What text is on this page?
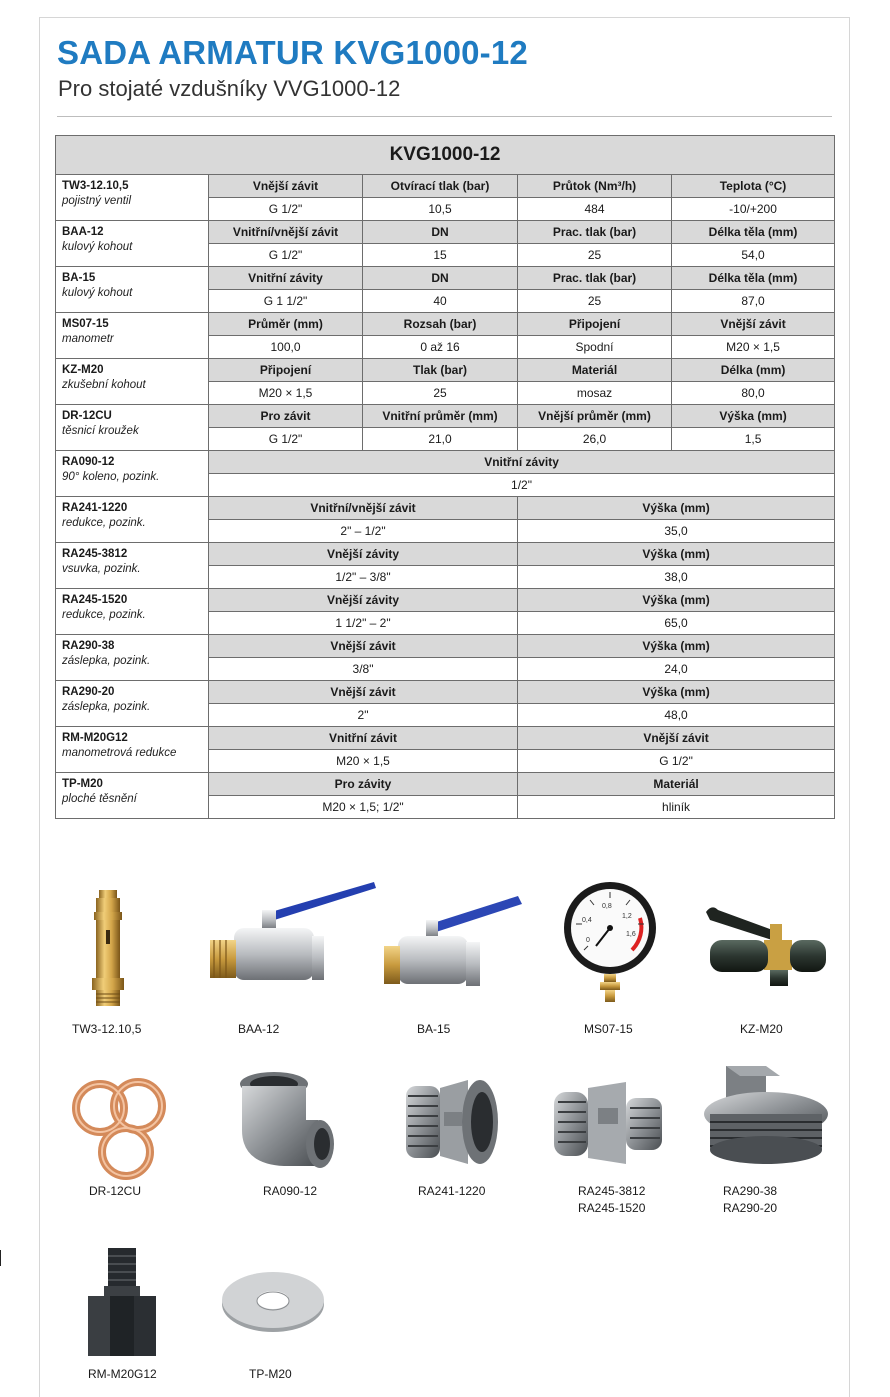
SADA ARMATUR KVG1000-12
Pro stojaté vzdušníky VVG1000-12
KVG1000-12				

TW3-12.10,5
pojistný ventil	Vnější závit	Otvírací tlak (bar)	Průtok (Nm³/h)	Teplota (°C)
	G 1/2"	10,5	484	-10/+200

BAA-12
kulový kohout	Vnitřní/vnější závit	DN	Prac. tlak (bar)	Délka těla (mm)
	G 1/2"	15	25	54,0

BA-15
kulový kohout	Vnitřní závity	DN	Prac. tlak (bar)	Délka těla (mm)
	G 1 1/2"	40	25	87,0

MS07-15
manometr	Průměr (mm)	Rozsah (bar)	Připojení	Vnější závit
	100,0	0 až 16	Spodní	M20 × 1,5

KZ-M20
zkušební kohout	Připojení	Tlak (bar)	Materiál	Délka (mm)
	M20 × 1,5	25	mosaz	80,0

DR-12CU
těsnicí kroužek	Pro závit	Vnitřní průměr (mm)	Vnější průměr (mm)	Výška (mm)
	G 1/2"	21,0	26,0	1,5

RA090-12
90° koleno, pozink.	Vnitřní závity			
	1/2"			

RA241-1220
redukce, pozink.	Vnitřní/vnější závit		Výška (mm)	
	2" – 1/2"		35,0	

RA245-3812
vsuvka, pozink.	Vnější závity		Výška (mm)	
	1/2" – 3/8"		38,0	

RA245-1520
redukce, pozink.	Vnější závity		Výška (mm)	
	1 1/2" – 2"		65,0	

RA290-38
záslepka, pozink.	Vnější závit		Výška (mm)	
	3/8"		24,0	

RA290-20
záslepka, pozink.	Vnější závit		Výška (mm)	
	2"		48,0	

RM-M20G12
manometrová redukce	Vnitřní závit		Vnější závit	
	M20 × 1,5		G 1/2"	

TP-M20
ploché těsnění	Pro závity		Materiál	
	M20 × 1,5; 1/2"		hliník	
TW3-12.10,5	BAA-12	BA-15
0
0,4
0,8
1,2
1,6
MS07-15	KZ-M20
DR-12CU	RA090-12	RA241-1220	RA245-3812
RA245-1520
RA290-38
RA290-20
RM-M20G12	TP-M20
